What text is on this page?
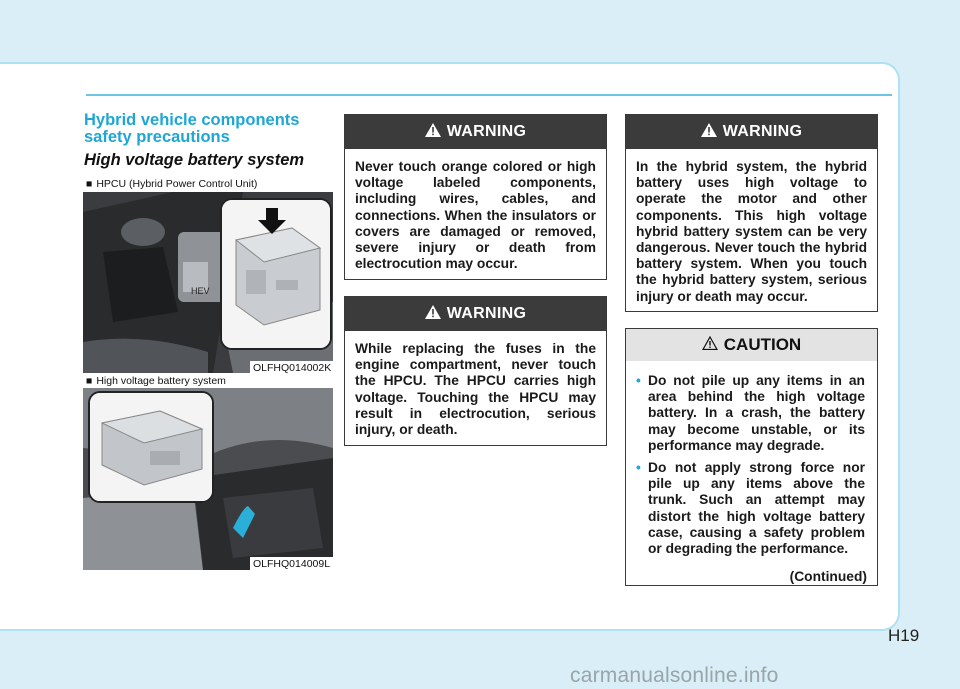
Hybrid vehicle components safety precautions
High voltage battery system
■ HPCU (Hybrid Power Control Unit)
HEV
OLFHQ014002K
■ High voltage battery system
OLFHQ014009L
WARNING
Never touch orange colored or high voltage labeled components, including wires, cables, and connections. When the insulators or covers are damaged or removed, severe injury or death from electrocution may occur.
WARNING
While replacing the fuses in the engine compartment, never touch the HPCU. The HPCU carries high voltage. Touching the HPCU may result in electrocution, serious injury, or death.
WARNING
In the hybrid system, the hybrid battery uses high voltage to operate the motor and other components. This high voltage hybrid battery system can be very dangerous. Never touch the hybrid battery system. When you touch the hybrid battery system, serious injury or death may occur.
CAUTION
• Do not pile up any items in an area behind the high voltage battery. In a crash, the battery may become unstable, or its performance may degrade.
• Do not apply strong force nor pile up any items above the trunk. Such an attempt may distort the high voltage battery case, causing a safety problem or degrading the performance.
(Continued)
H19
carmanualsonline.info
